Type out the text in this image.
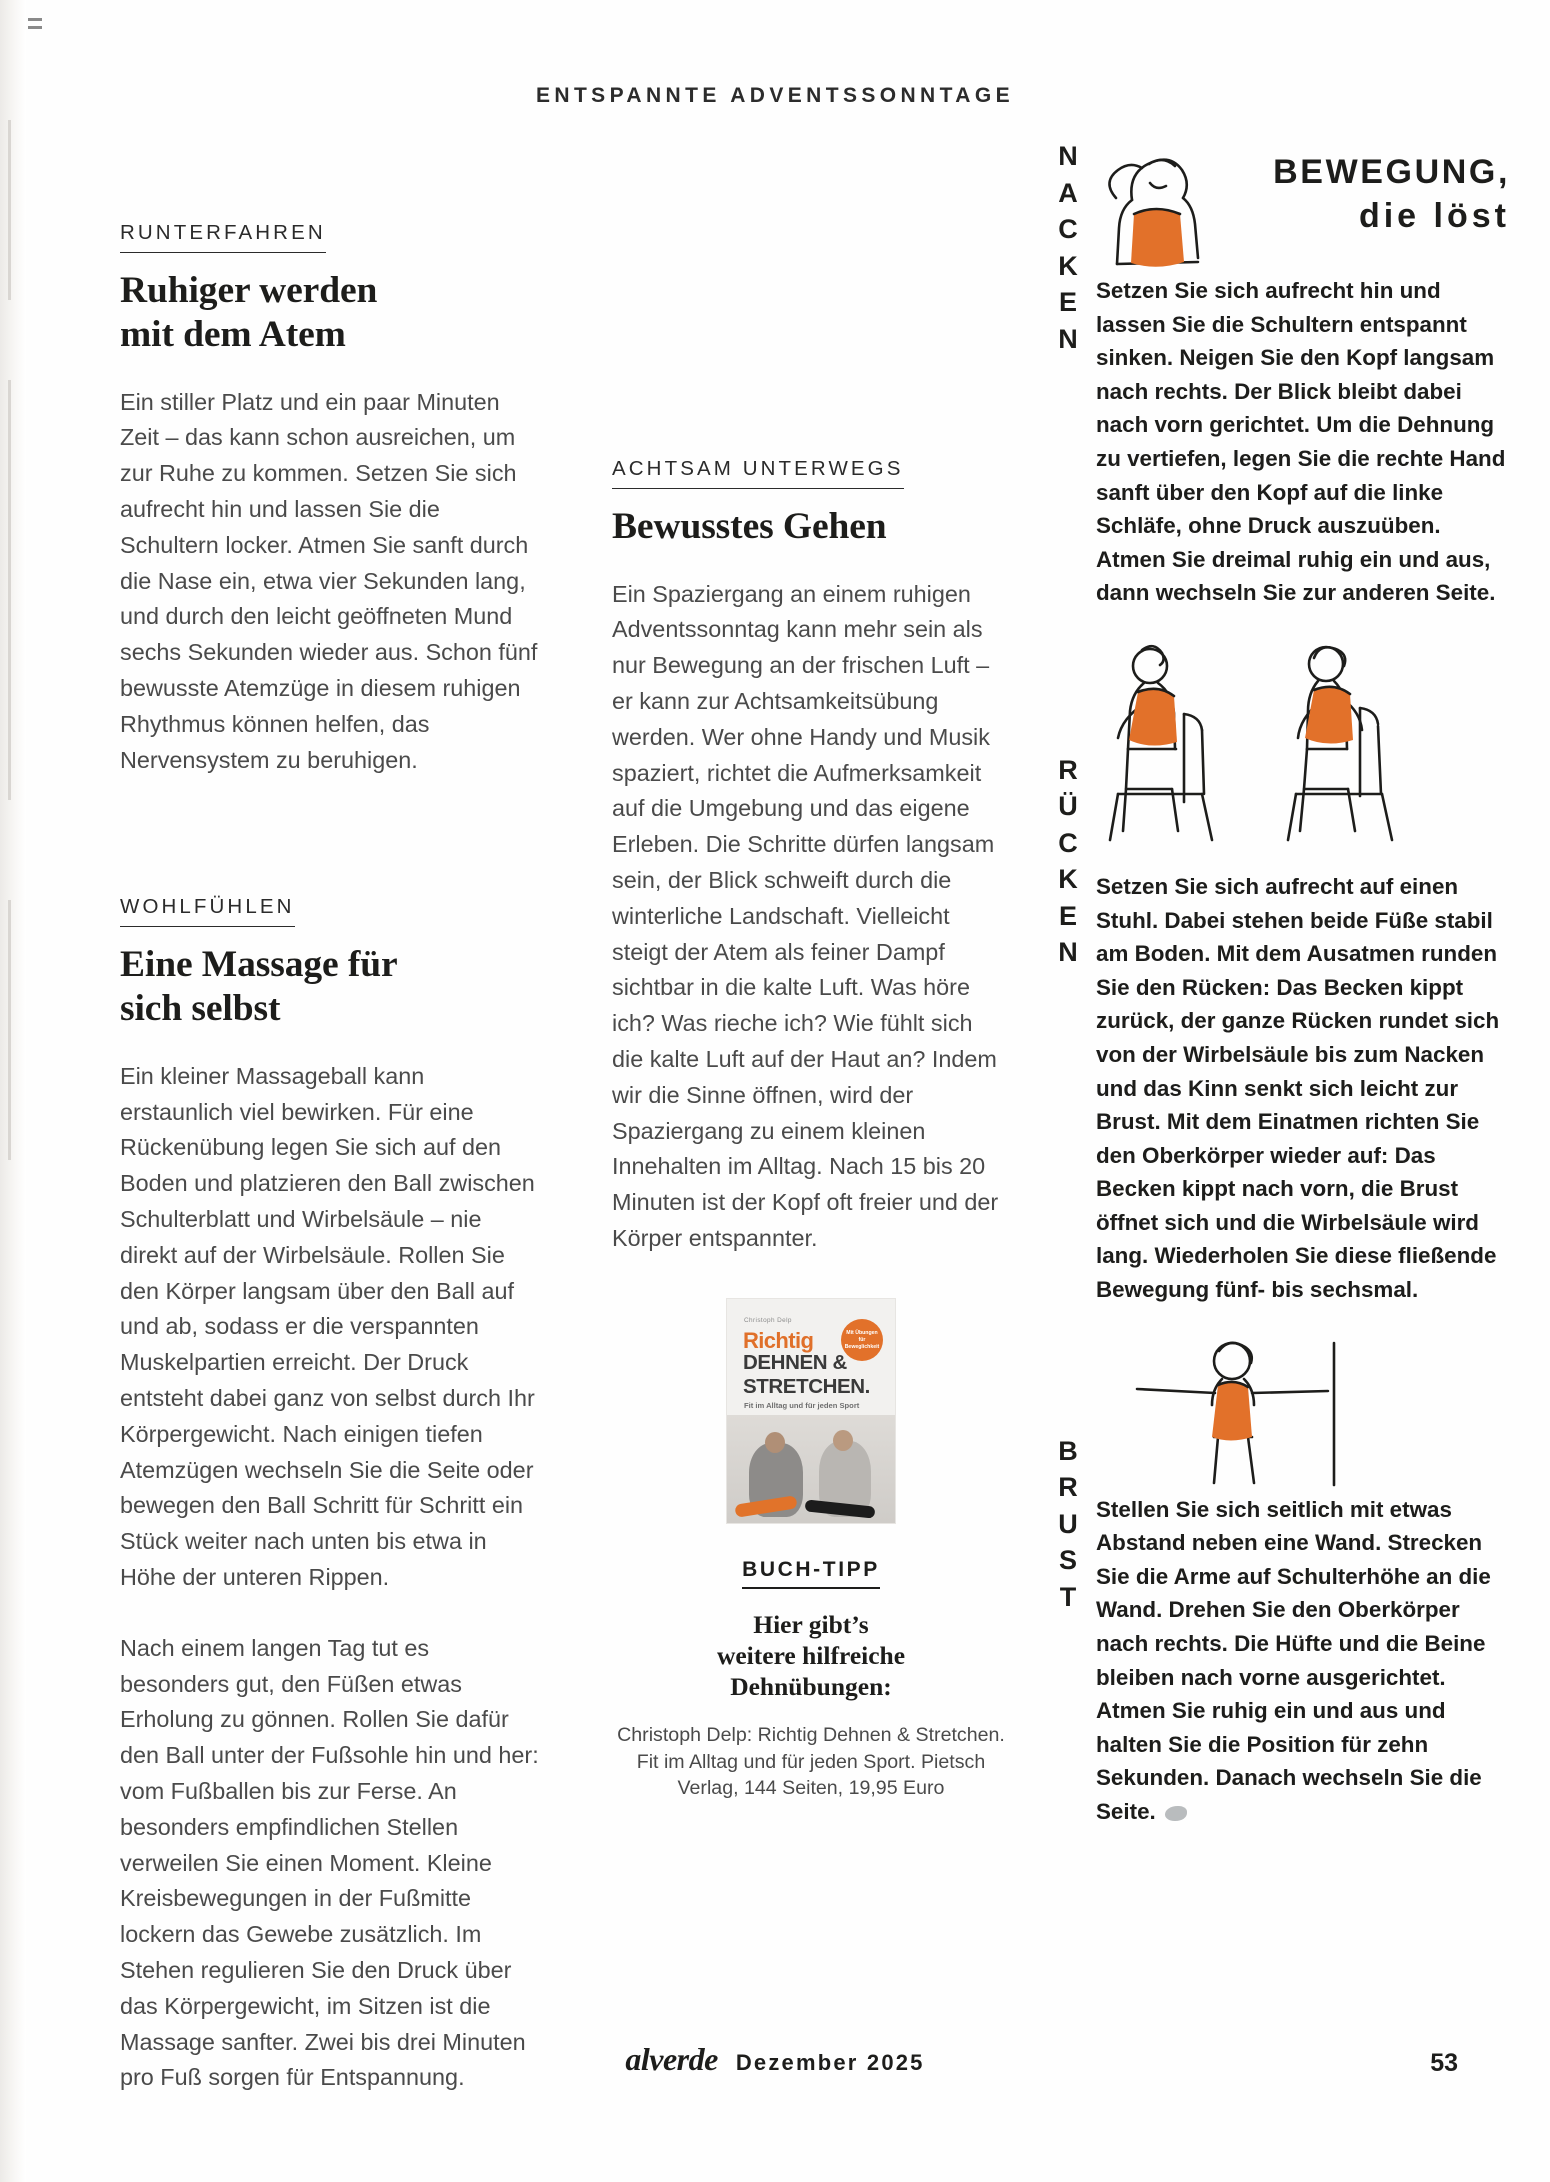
ENTSPANNTE ADVENTSSONNTAGE
RUNTERFAHREN
Ruhiger werden
mit dem Atem

Ein stiller Platz und ein paar Minuten Zeit – das kann schon ausreichen, um zur Ruhe zu kommen. Setzen Sie sich aufrecht hin und lassen Sie die Schultern locker. Atmen Sie sanft durch die Nase ein, etwa vier Sekunden lang, und durch den leicht geöffneten Mund sechs Sekunden wieder aus. Schon fünf bewusste Atemzüge in diesem ruhigen Rhythmus können helfen, das Nervensystem zu beruhigen.

WOHLFÜHLEN
Eine Massage für
sich selbst

Ein kleiner Massageball kann erstaunlich viel bewirken. Für eine Rückenübung legen Sie sich auf den Boden und platzieren den Ball zwischen Schulterblatt und Wirbelsäule – nie direkt auf der Wirbelsäule. Rollen Sie den Körper langsam über den Ball auf und ab, sodass er die verspannten Muskelpartien erreicht. Der Druck entsteht dabei ganz von selbst durch Ihr Körpergewicht. Nach einigen tiefen Atemzügen wechseln Sie die Seite oder bewegen den Ball Schritt für Schritt ein Stück weiter nach unten bis etwa in Höhe der unteren Rippen.

Nach einem langen Tag tut es besonders gut, den Füßen etwas Erholung zu gönnen. Rollen Sie dafür den Ball unter der Fußsohle hin und her: vom Fußballen bis zur Ferse. An besonders empfindlichen Stellen verweilen Sie einen Moment. Kleine Kreisbewegungen in der Fußmitte lockern das Gewebe zusätzlich. Im Stehen regulieren Sie den Druck über das Körpergewicht, im Sitzen ist die Massage sanfter. Zwei bis drei Minuten pro Fuß sorgen für Entspannung.

ACHTSAM UNTERWEGS
Bewusstes Gehen

Ein Spaziergang an einem ruhigen Adventssonntag kann mehr sein als nur Bewegung an der frischen Luft – er kann zur Achtsamkeitsübung werden. Wer ohne Handy und Musik spaziert, richtet die Aufmerksamkeit auf die Umgebung und das eigene Erleben. Die Schritte dürfen langsam sein, der Blick schweift durch die winterliche Landschaft. Vielleicht steigt der Atem als feiner Dampf sichtbar in die kalte Luft. Was höre ich? Was rieche ich? Wie fühlt sich die kalte Luft auf der Haut an? Indem wir die Sinne öffnen, wird der Spaziergang zu einem kleinen Innehalten im Alltag. Nach 15 bis 20 Minuten ist der Kopf oft freier und der Körper entspannter.

Christoph Delp
Richtig
DEHNEN &
STRETCHEN.
Fit im Alltag und für jeden Sport
Mit Übungen für Beweglichkeit
BUCH-TIPP
Hier gibt’s
weitere hilfreiche
Dehnübungen:
Christoph Delp: Richtig Dehnen & Stretchen. Fit im Alltag und für jeden Sport. Pietsch Verlag, 144 Seiten, 19,95 Euro
BEWEGUNG,
die löst
N
A
C
K
E
N
Setzen Sie sich aufrecht hin und lassen Sie die Schultern entspannt sinken. Neigen Sie den Kopf langsam nach rechts. Der Blick bleibt dabei nach vorn gerichtet. Um die Dehnung zu vertiefen, legen Sie die rechte Hand sanft über den Kopf auf die linke Schläfe, ohne Druck auszuüben. Atmen Sie dreimal ruhig ein und aus, dann wechseln Sie zur anderen Seite.
R
Ü
C
K
E
N
Setzen Sie sich aufrecht auf einen Stuhl. Dabei stehen beide Füße stabil am Boden. Mit dem Ausatmen runden Sie den Rücken: Das Becken kippt zurück, der ganze Rücken rundet sich von der Wirbelsäule bis zum Nacken und das Kinn senkt sich leicht zur Brust. Mit dem Einatmen richten Sie den Oberkörper wieder auf: Das Becken kippt nach vorn, die Brust öffnet sich und die Wirbelsäule wird lang. Wiederholen Sie diese fließende Bewegung fünf- bis sechsmal.
B
R
U
S
T
Stellen Sie sich seitlich mit etwas Abstand neben eine Wand. Strecken Sie die Arme auf Schulterhöhe an die Wand. Drehen Sie den Oberkörper nach rechts. Die Hüfte und die Beine bleiben nach vorne ausgerichtet. Atmen Sie ruhig ein und aus und halten Sie die Position für zehn Sekunden. Danach wechseln Sie die Seite.
alverde Dezember 2025	53
